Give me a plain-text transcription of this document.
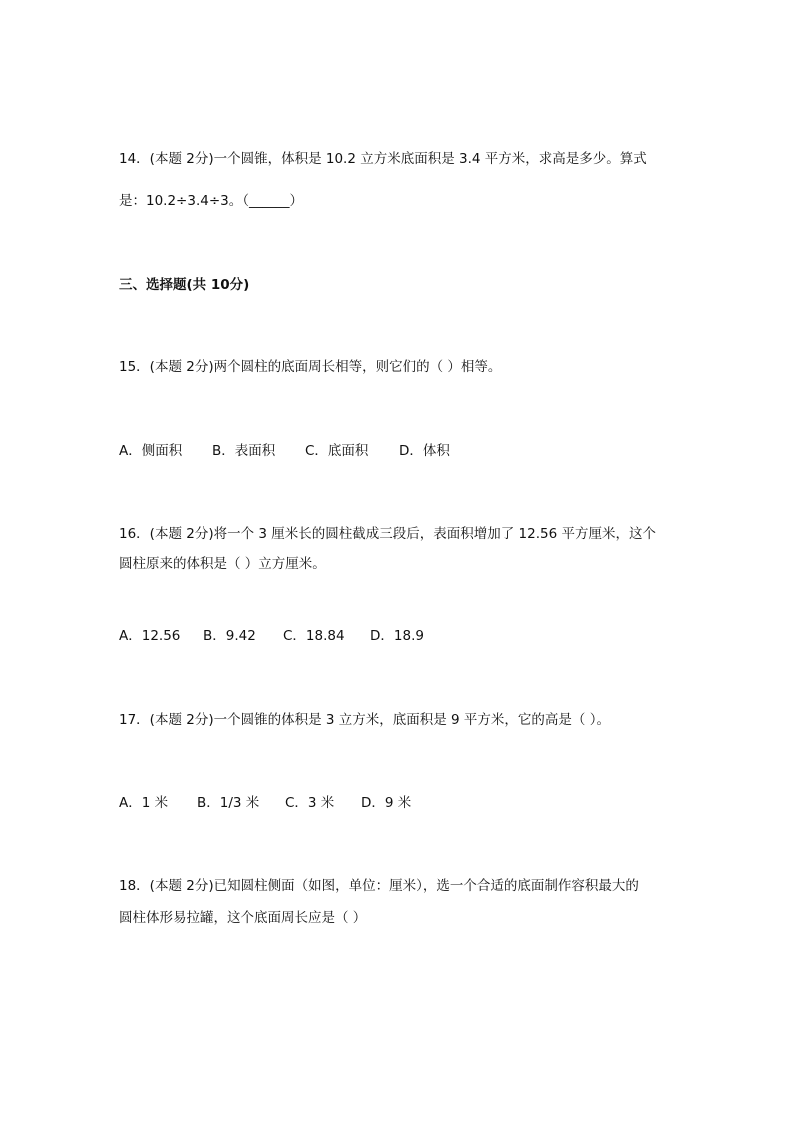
14．(本题 2分)一个圆锥，体积是 10.2 立方米底面积是 3.4 平方米，求高是多少。算式
是：10.2÷3.4÷3。（______）
三、选择题(共 10分)
15．(本题 2分)两个圆柱的底面周长相等，则它们的（ ）相等。
A．侧面积 B．表面积 C．底面积 D．体积
16．(本题 2分)将一个 3 厘米长的圆柱截成三段后，表面积增加了 12.56 平方厘米，这个
圆柱原来的体积是（ ）立方厘米。
A．12.56 B．9.42 C．18.84 D．18.9
17．(本题 2分)一个圆锥的体积是 3 立方米，底面积是 9 平方米，它的高是（ ）。
A．1 米 B．1/3 米 C．3 米 D．9 米
18．(本题 2分)已知圆柱侧面（如图，单位：厘米），选一个合适的底面制作容积最大的
圆柱体形易拉罐，这个底面周长应是（ ）
